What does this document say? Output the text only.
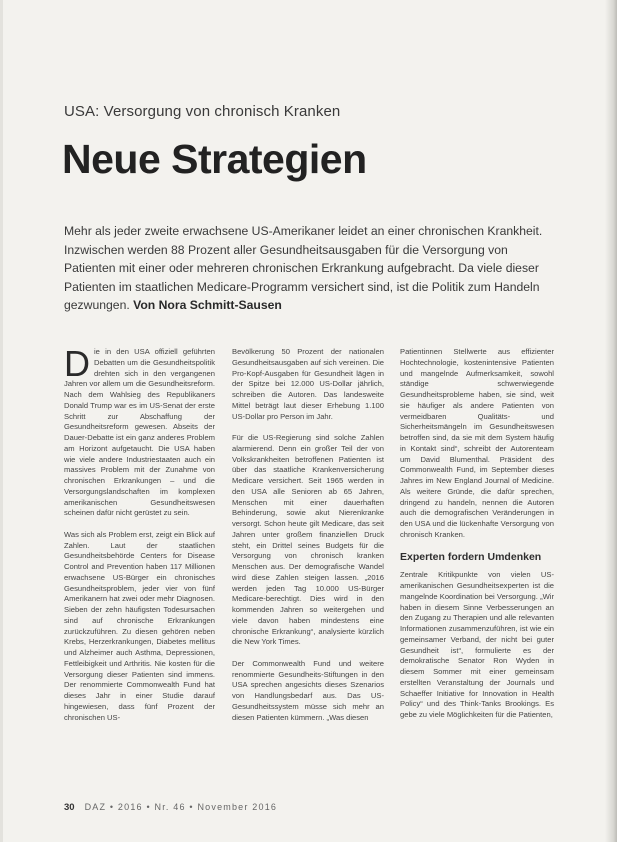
USA: Versorgung von chronisch Kranken
Neue Strategien
Mehr als jeder zweite erwachsene US-Amerikaner leidet an einer chronischen Krankheit. Inzwischen werden 88 Prozent aller Gesundheitsausgaben für die Versorgung von Patienten mit einer oder mehreren chronischen Erkrankung aufgebracht. Da viele dieser Patienten im staatlichen Medicare-Programm versichert sind, ist die Politik zum Handeln gezwungen. Von Nora Schmitt-Sausen

Die in den USA offiziell geführten Debatten um die Gesundheitspolitik drehten sich in den vergangenen Jahren vor allem um die Gesundheitsreform. Nach dem Wahlsieg des Republikaners Donald Trump war es im US-Senat der erste Schritt zur Abschaffung der Gesundheitsreform gewesen. Abseits der Dauer-Debatte ist ein ganz anderes Problem am Horizont aufgetaucht. Die USA haben wie viele andere Industriestaaten auch ein massives Problem mit der Zunahme von chronischen Erkrankungen – und die Versorgungslandschaften im komplexen amerikanischen Gesundheitswesen scheinen dafür nicht gerüstet zu sein.

Was sich als Problem erst, zeigt ein Blick auf Zahlen. Laut der staatlichen Gesundheitsbehörde Centers for Disease Control and Prevention haben 117 Millionen erwachsene US-Bürger ein chronisches Gesundheitsproblem, jeder vier von fünf Amerikanern hat zwei oder mehr Diagnosen. Sieben der zehn häufigsten Todesursachen sind auf chronische Erkrankungen zurückzuführen. Zu diesen gehören neben Krebs, Herzerkrankungen, Diabetes mellitus und Alzheimer auch Asthma, Depressionen, Fettleibigkeit und Arthritis. Nie kosten für die Versorgung dieser Patienten sind immens. Der renommierte Commonwealth Fund hat dieses Jahr in einer Studie darauf hingewiesen, dass fünf Prozent der chronischen US-

Bevölkerung 50 Prozent der nationalen Gesundheitsausgaben auf sich vereinen. Die Pro-Kopf-Ausgaben für Gesundheit lägen in der Spitze bei 12.000 US-Dollar jährlich, schreiben die Autoren. Das landesweite Mittel beträgt laut dieser Erhebung 1.100 US-Dollar pro Person im Jahr.

Für die US-Regierung sind solche Zahlen alarmierend. Denn ein großer Teil der von Volkskrankheiten betroffenen Patienten ist über das staatliche Krankenversicherung Medicare versichert. Seit 1965 werden in den USA alle Senioren ab 65 Jahren, Menschen mit einer dauerhaften Behinderung, sowie akut Nierenkranke versorgt. Schon heute gilt Medicare, das seit Jahren unter großem finanziellen Druck steht, ein Drittel seines Budgets für die Versorgung von chronisch kranken Menschen aus. Der demografische Wandel wird diese Zahlen steigen lassen. „2016 werden jeden Tag 10.000 US-Bürger Medicare-berechtigt. Dies wird in den kommenden Jahren so weitergehen und viele davon haben mindestens eine chronische Erkrankung“, analysierte kürzlich die New York Times.

Der Commonwealth Fund und weitere renommierte Gesundheits-Stiftungen in den USA sprechen angesichts dieses Szenarios von Handlungsbedarf aus. Das US-Gesundheitssystem müsse sich mehr an diesen Patienten kümmern. „Was diesen

Patientinnen Stellwerte aus effizienter Hochtechnologie, kostenintensive Patienten und mangelnde Aufmerksamkeit, sowohl ständige schwerwiegende Gesundheitsprobleme haben, sie sind, weit sie häufiger als andere Patienten von vermeidbaren Qualitäts- und Sicherheitsmängeln im Gesundheitswesen betroffen sind, da sie mit dem System häufig in Kontakt sind“, schreibt der Autorenteam um David Blumenthal. Präsident des Commonwealth Fund, im September dieses Jahres im New England Journal of Medicine. Als weitere Gründe, die dafür sprechen, dringend zu handeln, nennen die Autoren auch die demografischen Veränderungen in den USA und die lückenhafte Versorgung von chronisch Kranken.

Experten fordern Umdenken

Zentrale Kritikpunkte von vielen US-amerikanischen Gesundheitsexperten ist die mangelnde Koordination bei Versorgung. „Wir haben in diesem Sinne Verbesserungen an den Zugang zu Therapien und alle relevanten Informationen zusammenzuführen, ist wie ein gemeinsamer Verband, der nicht bei guter Gesundheit ist“, formulierte es der demokratische Senator Ron Wyden in diesem Sommer mit einer gemeinsam erstellten Veranstaltung der Journals und Schaeffer Initiative for Innovation in Health Policy“ und des Think-Tanks Brookings. Es gebe zu viele Möglichkeiten für die Patienten,

30 DAZ • 2016 • Nr. 46 • November 2016
